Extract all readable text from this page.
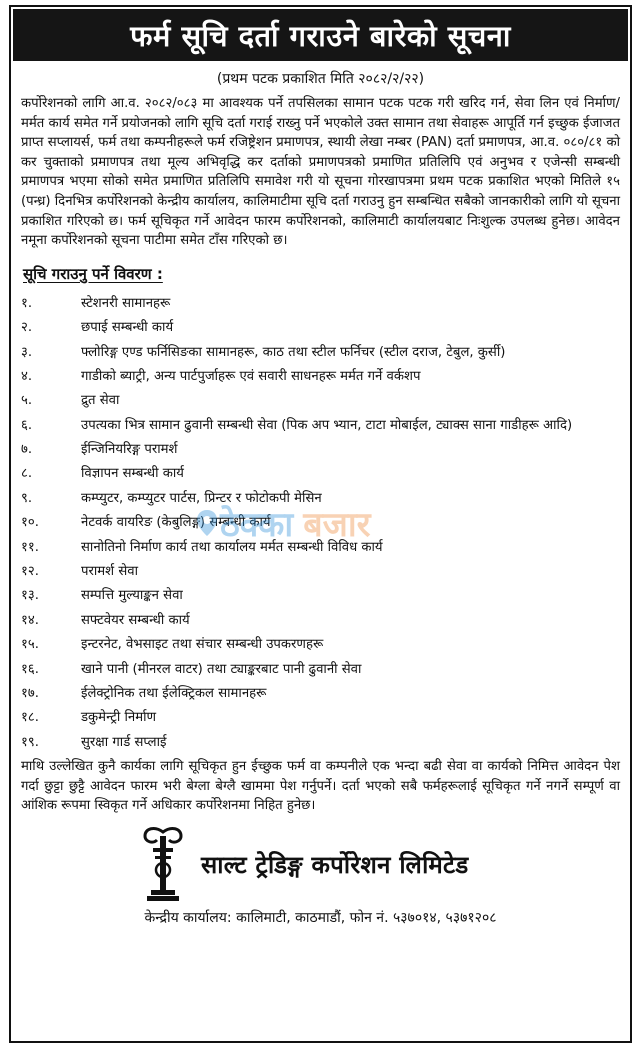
फर्म सूचि दर्ता गराउने बारेको सूचना
(प्रथम पटक प्रकाशित मिति २०८२/२/२२)

कर्पोरेशनको लागि आ.व. २०८२/०८३ मा आवश्यक पर्ने तपसिलका सामान पटक पटक गरी खरिद गर्न, सेवा लिन एवं निर्माण/मर्मत कार्य समेत गर्ने प्रयोजनको लागि सूचि दर्ता गराई राख्नु पर्ने भएकोले उक्त सामान तथा सेवाहरू आपूर्ति गर्न इच्छुक ईजाजत प्राप्त सप्लायर्स, फर्म तथा कम्पनीहरूले फर्म रजिष्ट्रेशन प्रमाणपत्र, स्थायी लेखा नम्बर (PAN) दर्ता प्रमाणपत्र, आ.व. ०८०/८१ को कर चुक्ताको प्रमाणपत्र तथा मूल्य अभिवृद्धि कर दर्ताको प्रमाणपत्रको प्रमाणित प्रतिलिपि एवं अनुभव र एजेन्सी सम्बन्धी प्रमाणपत्र भएमा सोको समेत प्रमाणित प्रतिलिपि समावेश गरी यो सूचना गोरखापत्रमा प्रथम पटक प्रकाशित भएको मितिले १५ (पन्ध्र) दिनभित्र कर्पोरेशनको केन्द्रीय कार्यालय, कालिमाटीमा सूचि दर्ता गराउनु हुन सम्बन्धित सबैको जानकारीको लागि यो सूचना प्रकाशित गरिएको छ। फर्म सूचिकृत गर्ने आवेदन फारम कर्पोरेशनको, कालिमाटी कार्यालयबाट निःशुल्क उपलब्ध हुनेछ। आवेदन नमूना कर्पोरेशनको सूचना पाटीमा समेत टाँस गरिएको छ।

सूचि गराउनु पर्ने विवरण :
१.	स्टेशनरी सामानहरू
२.	छपाई सम्बन्धी कार्य
३.	फ्लोरिङ्ग एण्ड फर्निसिङका सामानहरू, काठ तथा स्टील फर्निचर (स्टील दराज, टेबुल, कुर्सी)
४.	गाडीको ब्याट्री, अन्य पार्टपुर्जाहरू एवं सवारी साधनहरू मर्मत गर्ने वर्कशप
५.	द्रुत सेवा
६.	उपत्यका भित्र सामान ढुवानी सम्बन्धी सेवा (पिक अप भ्यान, टाटा मोबाईल, ट्याक्स साना गाडीहरू आदि)
७.	ईन्जिनियरिङ्ग परामर्श
८.	विज्ञापन सम्बन्धी कार्य
९.	कम्प्युटर, कम्प्युटर पार्टस, प्रिन्टर र फोटोकपी मेसिन
१०.	नेटवर्क वायरिङ (केबुलिङ्ग) सम्बन्धी कार्य
११.	सानोतिनो निर्माण कार्य तथा कार्यालय मर्मत सम्बन्धी विविध कार्य
१२.	परामर्श सेवा
१३.	सम्पत्ति मुल्याङ्कन सेवा
१४.	सफ्टवेयर सम्बन्धी कार्य
१५.	इन्टरनेट, वेभसाइट तथा संचार सम्बन्धी उपकरणहरू
१६.	खाने पानी (मीनरल वाटर) तथा ट्याङ्करबाट पानी ढुवानी सेवा
१७.	ईलेक्ट्रोनिक तथा ईलेक्ट्रिकल सामानहरू
१८.	डकुमेन्ट्री निर्माण
१९.	सुरक्षा गार्ड सप्लाई

माथि उल्लेखित कुनै कार्यका लागि सूचिकृत हुन ईच्छुक फर्म वा कम्पनीले एक भन्दा बढी सेवा वा कार्यको निमित्त आवेदन पेश गर्दा छुट्टा छुट्टै आवेदन फारम भरी बेग्ला बेग्लै खाममा पेश गर्नुपर्ने। दर्ता भएको सबै फर्महरूलाई सूचिकृत गर्ने नगर्ने सम्पूर्ण वा आंशिक रूपमा स्विकृत गर्ने अधिकार कर्पोरेशनमा निहित हुनेछ।

साल्ट ट्रेडिङ्ग कर्पोरेशन लिमिटेड
केन्द्रीय कार्यालय: कालिमाटी, काठमाडौं, फोन नं. ५३७०१४, ५३७१२०८
ठेक्का बजार
